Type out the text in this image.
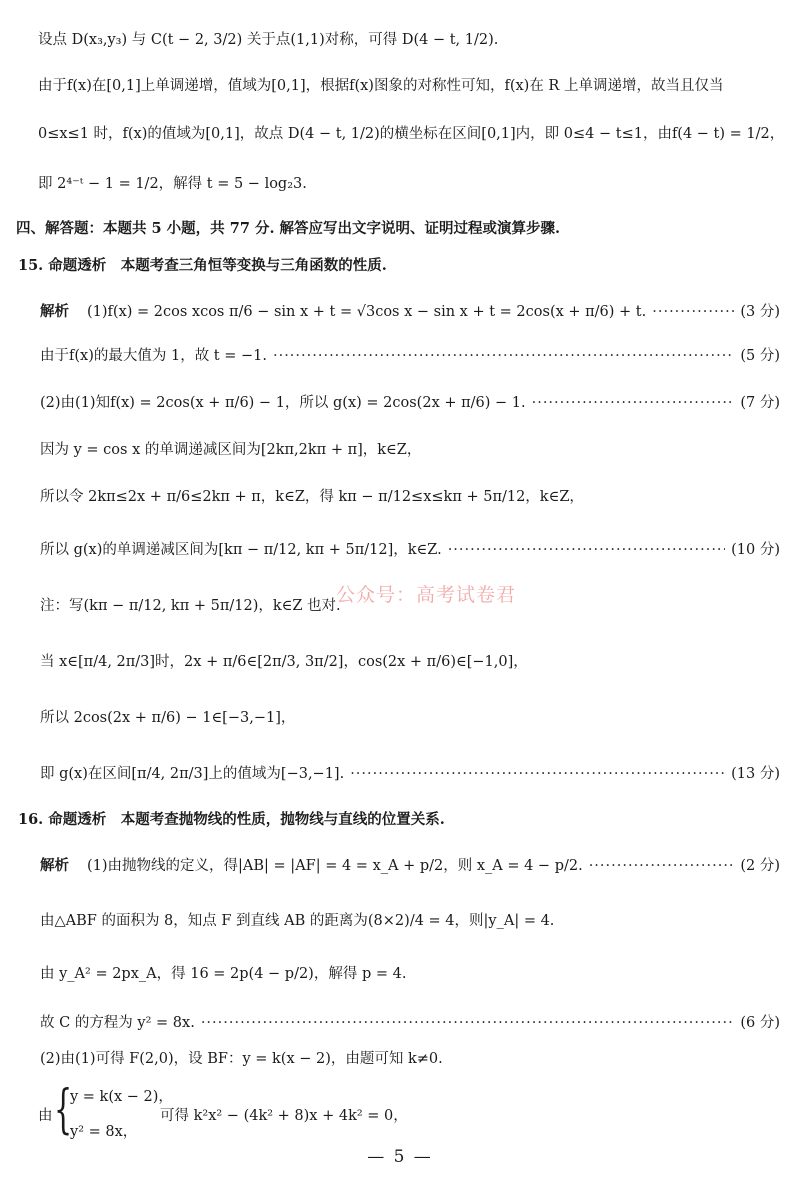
设点 D(x₃,y₃) 与 C(t − 2, 3/2) 关于点(1,1)对称，可得 D(4 − t, 1/2).
由于f(x)在[0,1]上单调递增，值域为[0,1]，根据f(x)图象的对称性可知，f(x)在 R 上单调递增，故当且仅当
0≤x≤1 时，f(x)的值域为[0,1]，故点 D(4 − t, 1/2)的横坐标在区间[0,1]内，即 0≤4 − t≤1，由f(4 − t) = 1/2，
即 2⁴⁻ᵗ − 1 = 1/2，解得 t = 5 − log₂3.
四、解答题：本题共 5 小题，共 77 分. 解答应写出文字说明、证明过程或演算步骤.
15. 命题透析　本题考查三角恒等变换与三角函数的性质.
解析 (1)f(x) = 2cos xcos π/6 − sin x + t = √3cos x − sin x + t = 2cos(x + π/6) + t. ·····	(3 分)
由于f(x)的最大值为 1，故 t = −1. ·····	(5 分)
(2)由(1)知f(x) = 2cos(x + π/6) − 1，所以 g(x) = 2cos(2x + π/6) − 1. ·····	(7 分)
因为 y = cos x 的单调递减区间为[2kπ,2kπ + π]，k∈Z，
所以令 2kπ≤2x + π/6≤2kπ + π，k∈Z，得 kπ − π/12≤x≤kπ + 5π/12，k∈Z，
所以 g(x)的单调递减区间为[kπ − π/12, kπ + 5π/12]，k∈Z. ·····	(10 分)
注：写(kπ − π/12, kπ + 5π/12)，k∈Z 也对.
当 x∈[π/4, 2π/3]时，2x + π/6∈[2π/3, 3π/2]，cos(2x + π/6)∈[−1,0]，
所以 2cos(2x + π/6) − 1∈[−3,−1]，
即 g(x)在区间[π/4, 2π/3]上的值域为[−3,−1]. ·····	(13 分)
16. 命题透析　本题考查抛物线的性质，抛物线与直线的位置关系.
解析 (1)由抛物线的定义，得|AB| = |AF| = 4 = x_A + p/2，则 x_A = 4 − p/2. ·····	(2 分)
由△ABF 的面积为 8，知点 F 到直线 AB 的距离为(8×2)/4 = 4，则|y_A| = 4.
由 y_A² = 2px_A，得 16 = 2p(4 − p/2)，解得 p = 4.
故 C 的方程为 y² = 8x. ·····	(6 分)
(2)由(1)可得 F(2,0)，设 BF：y = k(x − 2)，由题可知 k≠0.
由 {
y = k(x − 2)，
y² = 8x，
可得 k²x² − (4k² + 8)x + 4k² = 0，
公众号：高考试卷君
— 5 —
